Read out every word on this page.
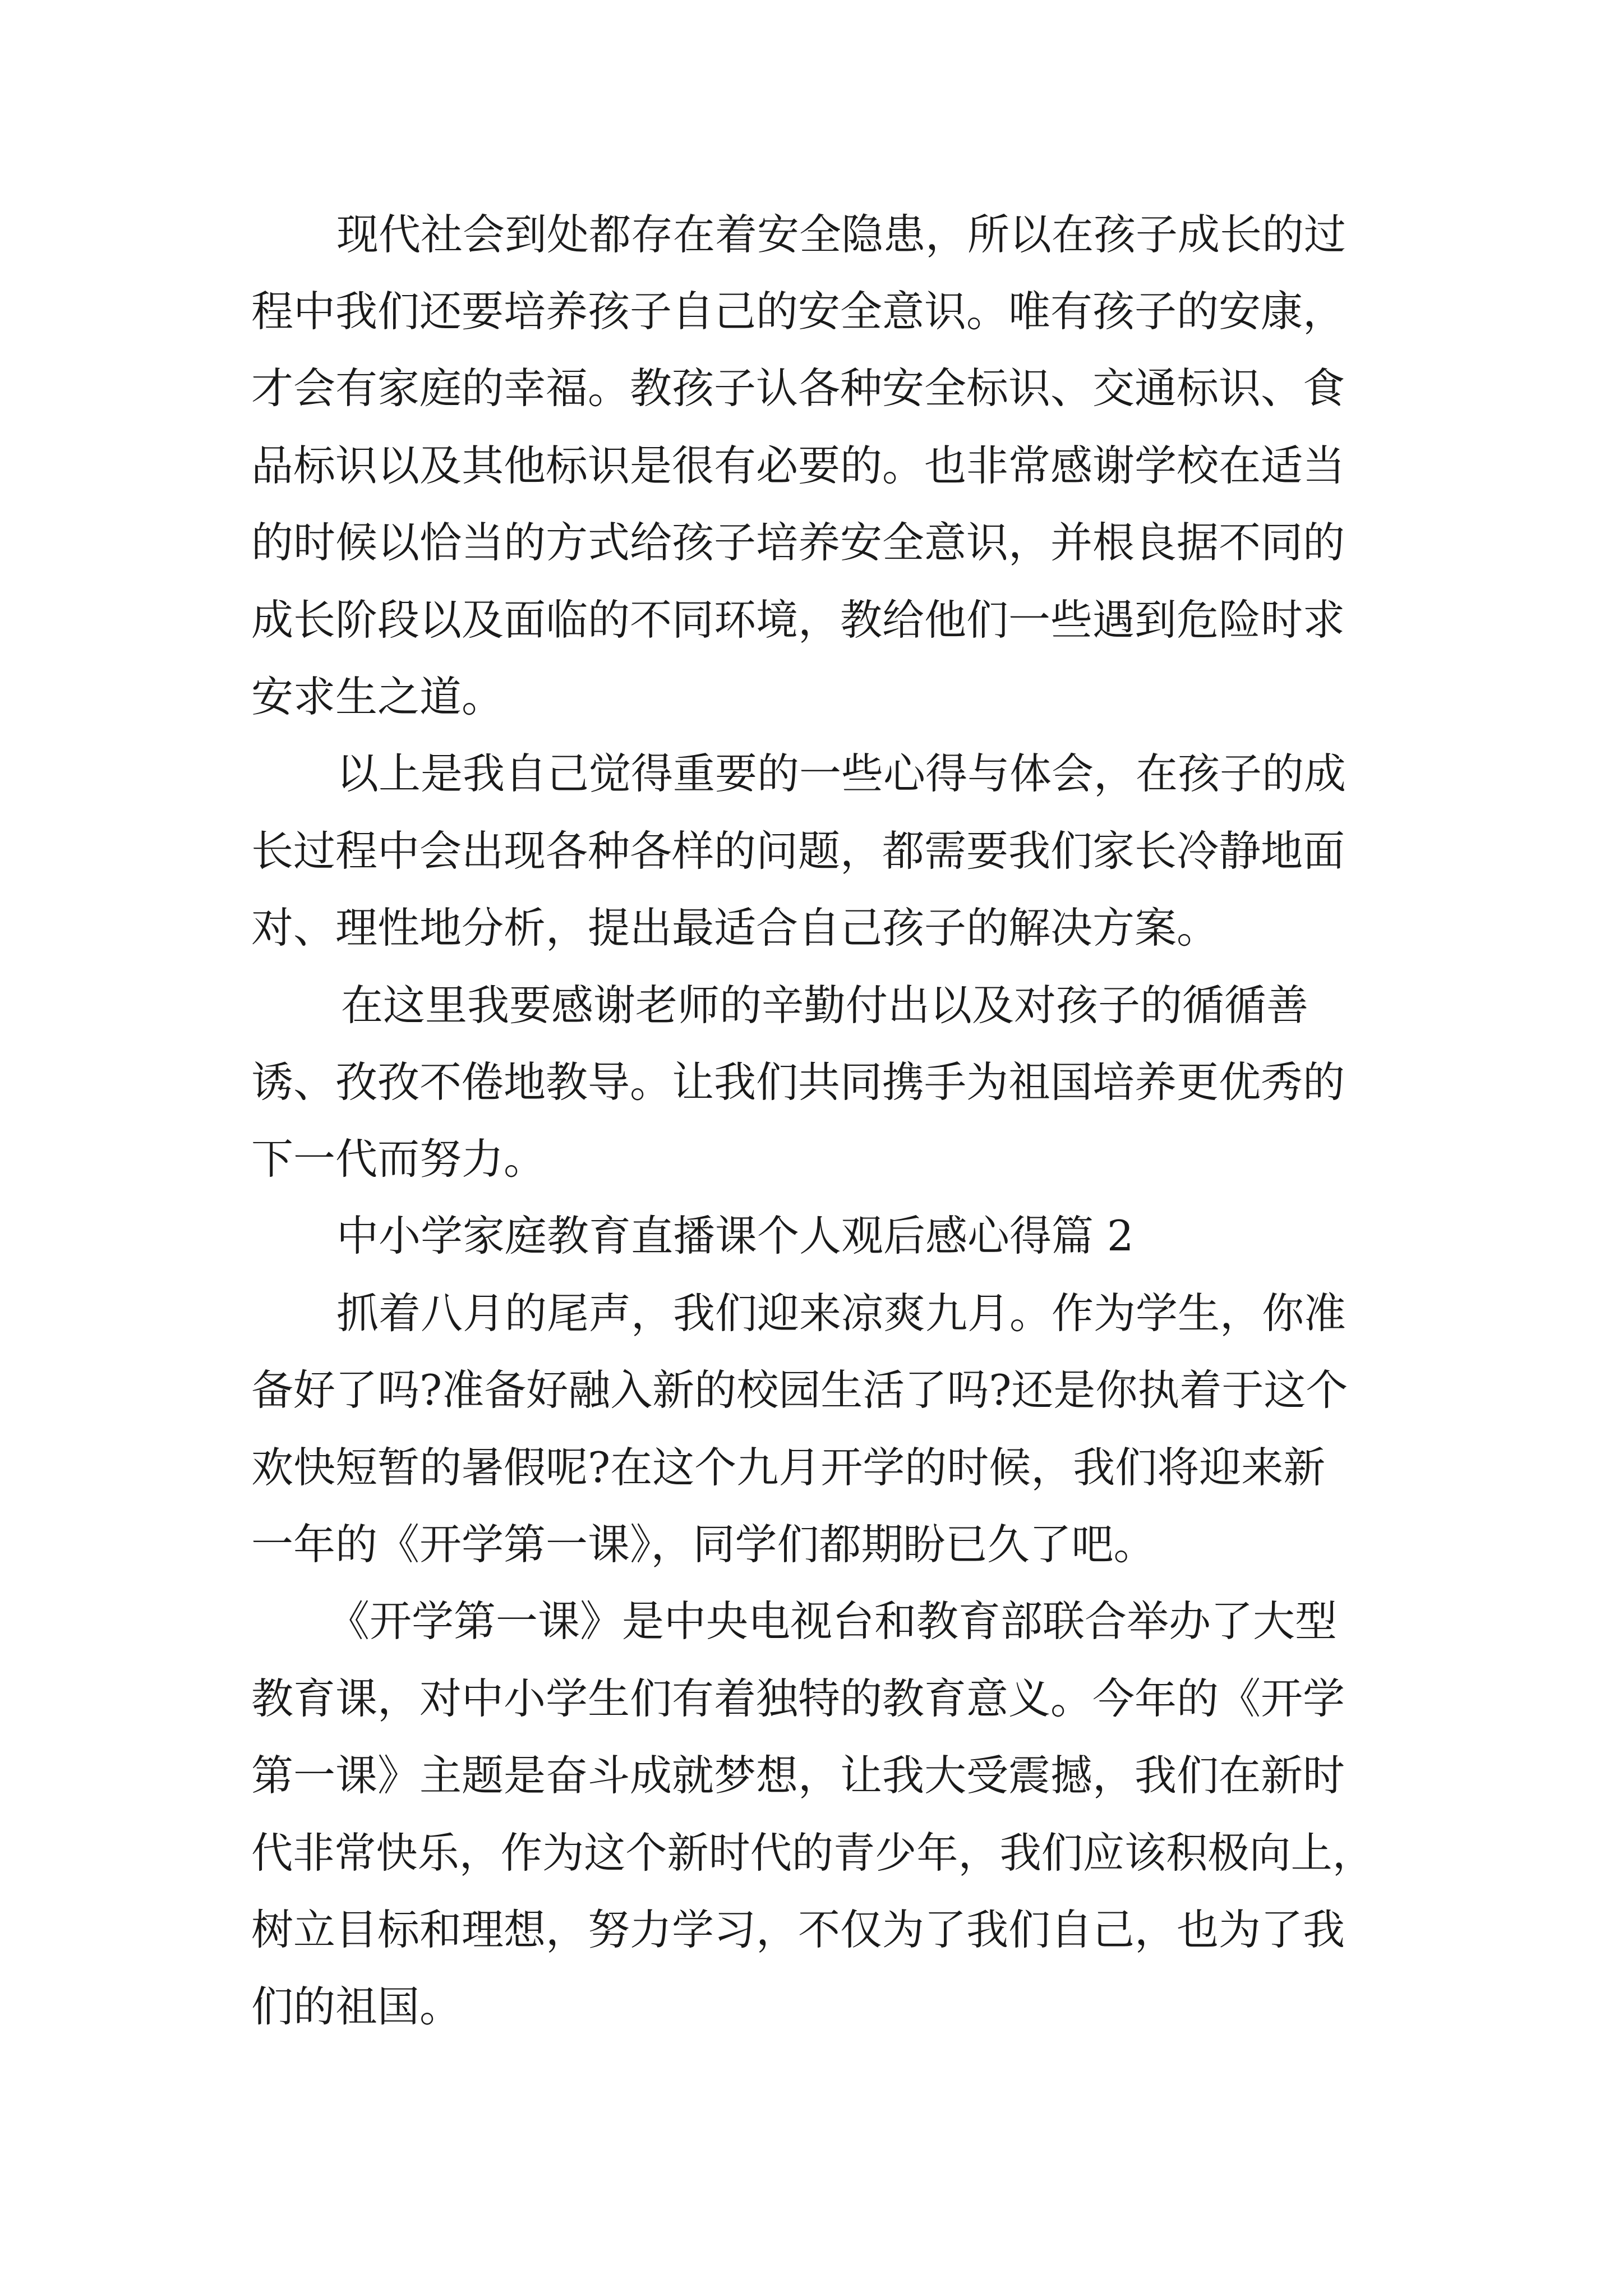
现代社会到处都存在着安全隐患，所以在孩子成长的过
程中我们还要培养孩子自己的安全意识。唯有孩子的安康，
才会有家庭的幸福。教孩子认各种安全标识、交通标识、食
品标识以及其他标识是很有必要的。也非常感谢学校在适当
的时候以恰当的方式给孩子培养安全意识，并根良据不同的
成长阶段以及面临的不同环境，教给他们一些遇到危险时求
安求生之道。
以上是我自己觉得重要的一些心得与体会，在孩子的成
长过程中会出现各种各样的问题，都需要我们家长冷静地面
对、理性地分析，提出最适合自己孩子的解决方案。
在这里我要感谢老师的辛勤付出以及对孩子的循循善
诱、孜孜不倦地教导。让我们共同携手为祖国培养更优秀的
下一代而努力。
中小学家庭教育直播课个人观后感心得篇 2
抓着八月的尾声，我们迎来凉爽九月。作为学生，你准
备好了吗?准备好融入新的校园生活了吗?还是你执着于这个
欢快短暂的暑假呢?在这个九月开学的时候，我们将迎来新
一年的《开学第一课》，同学们都期盼已久了吧。
《开学第一课》是中央电视台和教育部联合举办了大型
教育课，对中小学生们有着独特的教育意义。今年的《开学
第一课》主题是奋斗成就梦想，让我大受震撼，我们在新时
代非常快乐，作为这个新时代的青少年，我们应该积极向上，
树立目标和理想，努力学习，不仅为了我们自己，也为了我
们的祖国。
